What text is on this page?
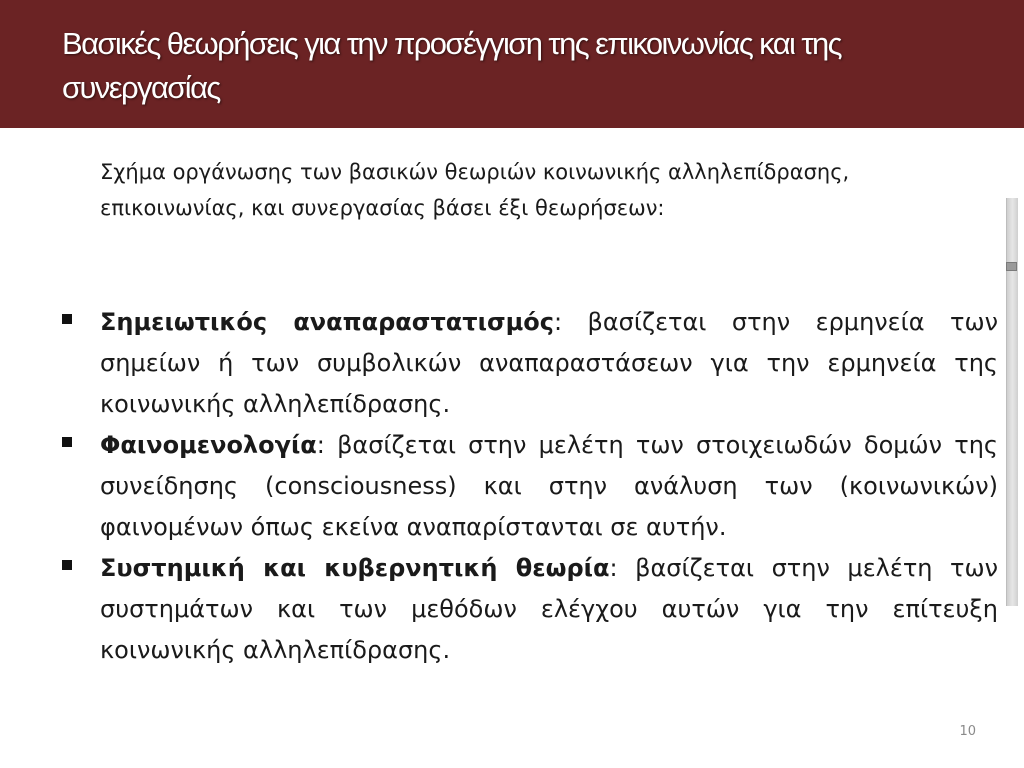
Βασικές θεωρήσεις για την προσέγγιση της επικοινωνίας και της συνεργασίας

Σχήμα οργάνωσης των βασικών θεωριών κοινωνικής αλληλεπίδρασης, επικοινωνίας, και συνεργασίας βάσει έξι θεωρήσεων:

Σημειωτικός αναπαραστατισμός: βασίζεται στην ερμηνεία των σημείων ή των συμβολικών αναπαραστάσεων για την ερμηνεία της κοινωνικής αλληλεπίδρασης.
Φαινομενολογία: βασίζεται στην μελέτη των στοιχειωδών δομών της συνείδησης (consciousness) και στην ανάλυση των (κοινωνικών) φαινομένων όπως εκείνα αναπαρίστανται σε αυτήν.
Συστημική και κυβερνητική θεωρία: βασίζεται στην μελέτη των συστημάτων και των μεθόδων ελέγχου αυτών για την επίτευξη κοινωνικής αλληλεπίδρασης.
10
